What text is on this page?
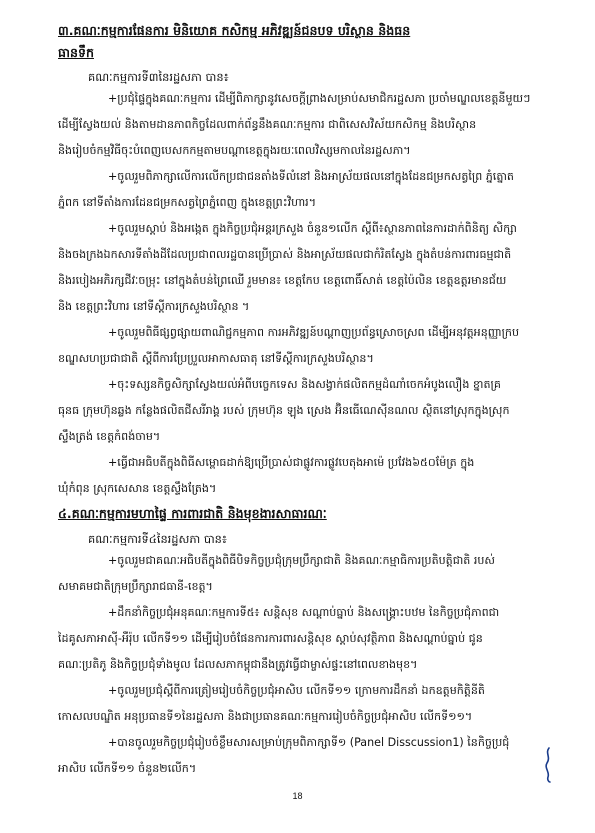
៣.គណៈកម្មការផែនការ មិនិយោគ កសិកម្ម អភិវឌ្ឍន៍ជនបទ បរិស្ថាន និងធន
ធានទឹក
គណៈកម្មការទី៣នៃរដ្ឋសភា បាន៖
+ប្រជុំផ្ទៃក្នុងគណៈកម្មការ ដើម្បីពិភាក្សានូវសេចក្តីព្រាងសម្រាប់សមាជិករដ្ឋសភា ប្រចាំមណ្ឌលខេត្តនីមួយៗ
ដើម្បីស្វែងយល់ និងតាមដានភាពកិច្ចដែលពាក់ព័ន្ធនឹងគណៈកម្មការ ជាពិសេសវិស័យកសិកម្ម និងបរិស្ថាន
និងរៀបចំកម្មវិធីចុះបំពេញបេសកកម្មតាមបណ្តាខេត្តក្នុងរយៈពេលវិស្សមកាលនៃរដ្ឋសភា។
+ចូលរួមពិភាក្សាលើការលើកប្រជាជនតាំងទីលំនៅ និងអាស្រ័យផលនៅក្នុងដែនជម្រកសត្វព្រៃ ភ្នំត្នោត
ភ្នំពក នៅទីតាំងការដែនជម្រកសត្វព្រៃភ្នំពេញ ក្នុងខេត្តព្រះវិហារ។
+ចូលរួមស្តាប់ និងអង្កេត ក្នុងកិច្ចប្រជុំអន្តរក្រសួង ចំនួន១លើក ស្តីពី៖ស្ថានភាពនៃការដាក់ពិនិត្យ សិក្សា
និងចងក្រងឯកសារទីតាំងដីដែលប្រជាពលរដ្ឋបានប្រើប្រាស់ និងអាស្រ័យផលជាកំរិតស្វែង ក្នុងតំបន់ការពារធម្មជាតិ
និងរបៀងអភិរក្សជីវៈចម្រុះ នៅក្នុងតំបន់ព្រៃឈើ រួមមាន៖ ខេត្តកែប ខេត្តពោធិ៍សាត់ ខេត្តប៉ៃលិន ខេត្តឧត្តរមានជ័យ
និង ខេត្តព្រះវិហារ នៅទីស្តីការក្រសួងបរិស្ថាន ។
+ចូលរួមពិធីផ្សព្វផ្សាយពាណិជ្ជកម្មភាព ការអភិវឌ្ឍន៍បណ្តាញប្រព័ន្ធស្រោចស្រព ដើម្បីអនុវត្តអនុញ្ញាក្រប
ខណ្ឌសហប្រជាជាតិ ស្តីពីការប្រែប្រួលអាកាសធាតុ នៅទីស្តីការក្រសួងបរិស្ថាន។
+ចុះទស្សនកិច្ចសិក្សាស្វែងយល់អំពីបច្ចេកទេស និងសង្វាក់ផលិតកម្មដំណាំចេកអំបូងលឿង ខ្នាតគ្រ
ធុនធ ក្រុមហ៊ុនឆ្លង កន្លែងផលិតជីសរីរាង្គ របស់ ក្រុមហ៊ុន ឡុង ស្រេង អ៊ិនធើណេស៊ីនណល ស្ថិតនៅស្រុកក្នុងស្រុក
ស្ទឹងត្រង់ ខេត្តកំពង់ចាម។
+ធ្វើជាអធិបតីក្នុងពិធីសម្ពោធដាក់ឱ្យប្រើប្រាស់ជាផ្លូវការផ្លូវបេតុងអាម៉េ ប្រវែង៦៥០ម៉ែត្រ ក្នុង
ឃុំកំពុន ស្រុកសេសាន ខេត្តស្ទឹងត្រែង។
៤.គណៈកម្មការមហាផ្ទៃ ការពារជាតិ និងមុខងារសាធារណៈ
គណៈកម្មការទី៤នៃរដ្ឋសភា បាន៖
+ចូលរួមជាគណៈអធិបតីក្នុងពិធីបិទកិច្ចប្រជុំក្រុមប្រឹក្សាជាតិ និងគណៈកម្មាធិការប្រតិបត្តិជាតិ របស់
សមាគមជាតិក្រុមប្រឹក្សារាជធានី-ខេត្ត។
+ដឹកនាំកិច្ចប្រជុំអនុគណៈកម្មការទី៥៖ សន្តិសុខ សណ្តាប់ធ្នាប់ និងសង្គ្រោះបឋម នៃកិច្ចប្រជុំភាពជា
ដៃគូសភាអាស៊ី-អឺរ៉ុប លើកទី១១ ដើម្បីរៀបចំផែនការការពារសន្តិសុខ ស្តាប់សុវត្ថិភាព និងសណ្តាប់ធ្នាប់ ជូន
គណៈប្រតិភូ និងកិច្ចប្រជុំទាំងមូល ដែលសភាកម្ពុជានឹងត្រូវធ្វើជាម្ចាស់ផ្ទះនៅពេលខាងមុខ។
+ចូលរួមប្រជុំស្តីពីការត្រៀមរៀបចំកិច្ចប្រជុំអាសិប លើកទី១១ ក្រោមការដឹកនាំ ឯកឧត្តមកិត្តិនីតិ
កោសលបណ្ឌិត អនុប្រធានទី១នៃរដ្ឋសភា និងជាប្រធានគណៈកម្មការរៀបចំកិច្ចប្រជុំអាសិប លើកទី១១។
+បានចូលរួមកិច្ចប្រជុំរៀបចំខ្លឹមសារសម្រាប់ក្រុមពិភាក្សាទី១ (Panel Disscussion1) នៃកិច្ចប្រជុំ
អាសិប លើកទី១១ ចំនួន២លើក។
18
